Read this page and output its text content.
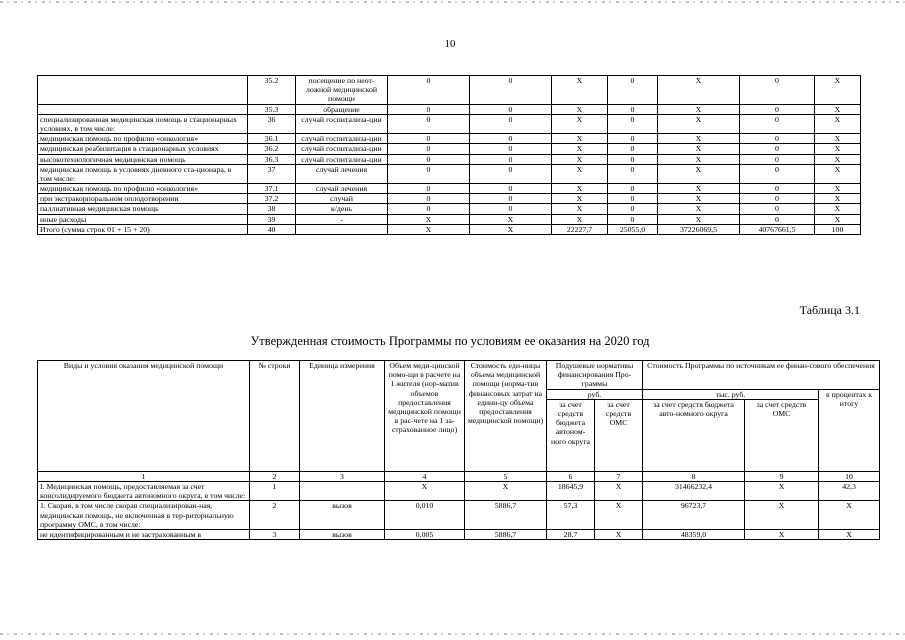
10
	35.2	посещение по неот-ложной медицинской помощи	0	0	X	0	X	0	X
	35.3	обращение	0	0	X	0	X	0	X
специализированная медицинская помощь в стационарных условиях, в том числе:	36	случай госпитализа-ции	0	0	X	0	X	0	X
медицинская помощь по профилю «онкология»	36.1	случай госпитализа-ции	0	0	X	0	X	0	X
медицинская реабилитация в стационарных условиях	36.2	случай госпитализа-ции	0	0	X	0	X	0	X
высокотехнологичная медицинская помощь	36.3	случай госпитализа-ции	0	0	X	0	X	0	X
медицинская помощь в условиях дневного ста-ционара, в том числе:	37	случай лечения	0	0	X	0	X	0	X
медицинская помощь по профилю «онкология»	37.1	случай лечения	0	0	X	0	X	0	X
при экстракорпоральном оплодотворении	37.2	случай	0	0	X	0	X	0	X
паллиативная медицинская помощь	38	к/день	0	0	X	0	X	0	X
иные расходы	39	-	X	X	X	0	X	0	X
Итого (сумма строк 01 + 15 + 20)	40		X	X	22227,7	25055,0	37226069,5	40767661,5	100
Таблица 3.1
Утвержденная стоимость Программы по условиям ее оказания на 2020 год
Виды и условия оказания медицинской помощи	№ строки	Единица измерения	Объем меди-цинской помо-щи в расчете на 1 жителя (нор-матив объемов предоставления медицинской помощи в рас-чете на 1 за-страхованное лицо)	Стоимость еди-ницы объема медицинской помощи (норма-тив финансовых затрат на едини-цу объема предоставления медицинской помощи)	Подушевые нормативы финансирования Про-граммы		Стоимость Программы по источникам ее финан-сового обеспечения		
					руб.		тыс. руб.		в процентах к итогу
					за счет средств бюджета автоном-ного округа	за счет средств ОМС	за счет средств бюджета авто-номного округа	за счет средств ОМС	
1	2	3	4	5	6	7	8	9	10
I. Медицинская помощь, предоставляемая за счет консолидируемого бюджета автономного округа, в том числе:	1		X	X	18645,9	X	31466232,4	X	42,3
1. Скорая, в том числе скорая специализирован-ная, медицинская помощь, не включенная в тер-риториальную программу ОМС, в том числе:	2	вызов	0,010	5886,7	57,3	X	96723,7	X	X
не идентифицированным и не застрахованным в	3	вызов	0,005	5886,7	28,7	X	48359,0	X	X
